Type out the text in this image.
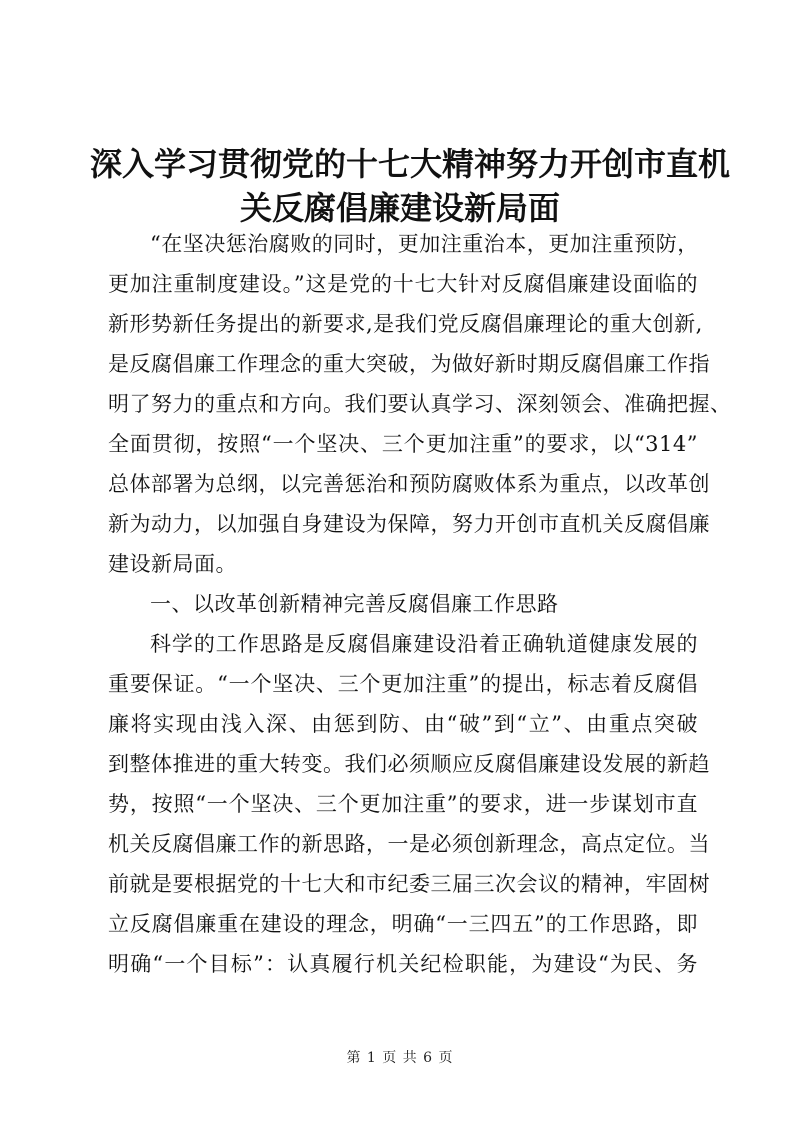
深入学习贯彻党的十七大精神努力开创市直机
关反腐倡廉建设新局面

“在坚决惩治腐败的同时，更加注重治本，更加注重预防，
更加注重制度建设。”这是党的十七大针对反腐倡廉建设面临的
新形势新任务提出的新要求,是我们党反腐倡廉理论的重大创新,
是反腐倡廉工作理念的重大突破，为做好新时期反腐倡廉工作指
明了努力的重点和方向。我们要认真学习、深刻领会、准确把握、
全面贯彻，按照“一个坚决、三个更加注重”的要求，以“314”
总体部署为总纲，以完善惩治和预防腐败体系为重点，以改革创
新为动力，以加强自身建设为保障，努力开创市直机关反腐倡廉
建设新局面。

一、以改革创新精神完善反腐倡廉工作思路

科学的工作思路是反腐倡廉建设沿着正确轨道健康发展的
重要保证。“一个坚决、三个更加注重”的提出，标志着反腐倡
廉将实现由浅入深、由惩到防、由“破”到“立”、由重点突破
到整体推进的重大转变。我们必须顺应反腐倡廉建设发展的新趋
势，按照“一个坚决、三个更加注重”的要求，进一步谋划市直
机关反腐倡廉工作的新思路，一是必须创新理念，高点定位。当
前就是要根据党的十七大和市纪委三届三次会议的精神，牢固树
立反腐倡廉重在建设的理念，明确“一三四五”的工作思路，即
明确“一个目标”：认真履行机关纪检职能，为建设“为民、务

第 1 页 共 6 页
